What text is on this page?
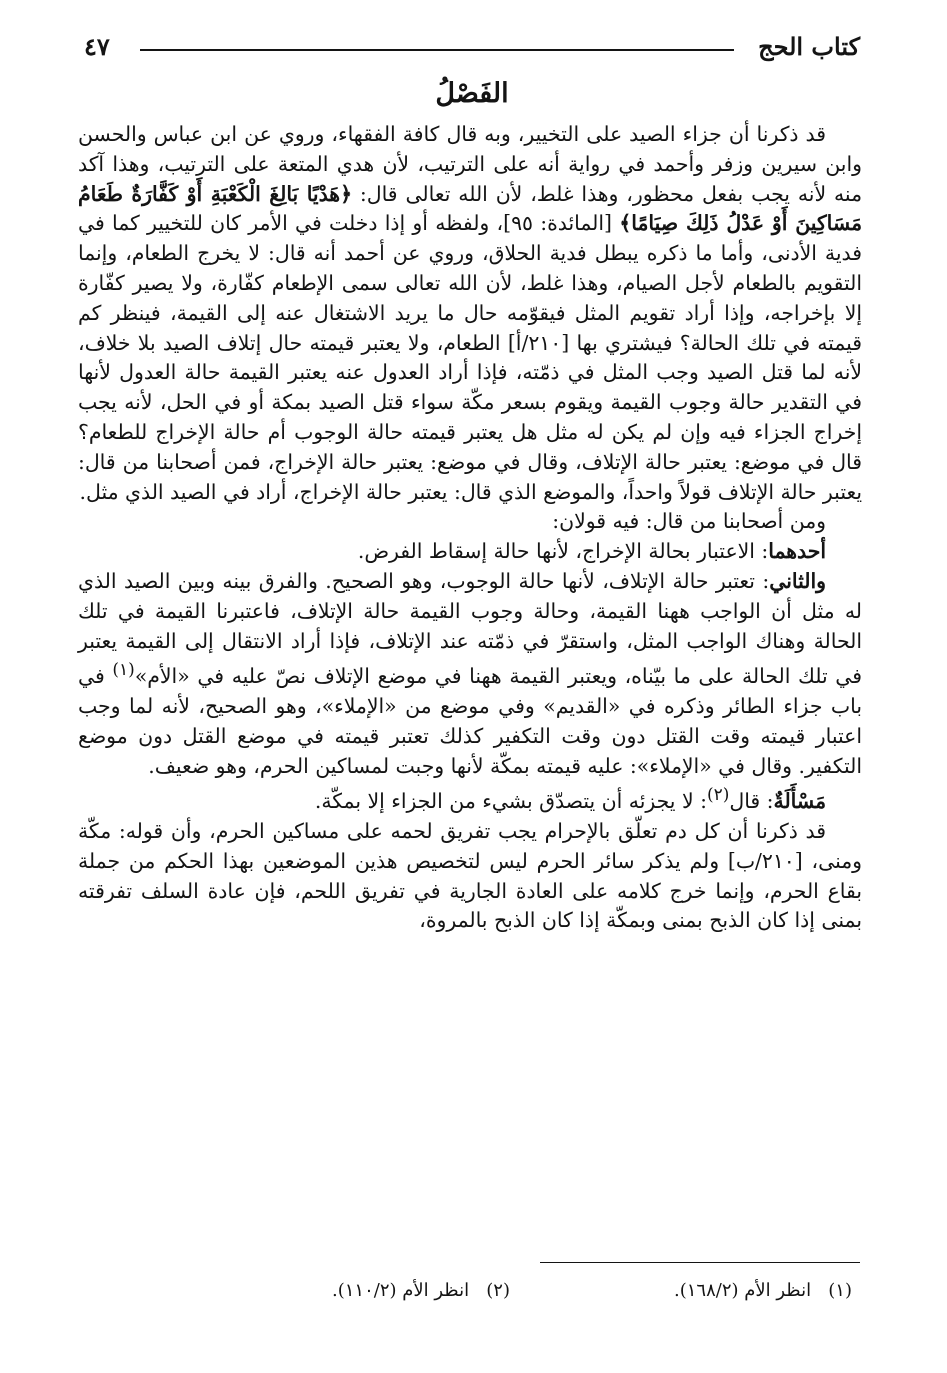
كتاب الحج
٤٧
الفَصْلُ

قد ذكرنا أن جزاء الصيد على التخيير، وبه قال كافة الفقهاء، وروي عن ابن عباس والحسن وابن سيرين وزفر وأحمد في رواية أنه على الترتيب، لأن هدي المتعة على الترتيب، وهذا آكد منه لأنه يجب بفعل محظور، وهذا غلط، لأن الله تعالى قال: ﴿هَدْيًا بَالِغَ الْكَعْبَةِ أَوْ كَفَّارَةٌ طَعَامُ مَسَاكِينَ أَوْ عَدْلُ ذَلِكَ صِيَامًا﴾ [المائدة: ٩٥]، ولفظه أو إذا دخلت في الأمر كان للتخيير كما في فدية الأدنى، وأما ما ذكره يبطل فدية الحلاق، وروي عن أحمد أنه قال: لا يخرج الطعام، وإنما التقويم بالطعام لأجل الصيام، وهذا غلط، لأن الله تعالى سمى الإطعام كفّارة، ولا يصير كفّارة إلا بإخراجه، وإذا أراد تقويم المثل فيقوّمه حال ما يريد الاشتغال عنه إلى القيمة، فينظر كم قيمته في تلك الحالة؟ فيشتري بها [٢١٠/أ] الطعام، ولا يعتبر قيمته حال إتلاف الصيد بلا خلاف، لأنه لما قتل الصيد وجب المثل في ذمّته، فإذا أراد العدول عنه يعتبر القيمة حالة العدول لأنها في التقدير حالة وجوب القيمة ويقوم بسعر مكّة سواء قتل الصيد بمكة أو في الحل، لأنه يجب إخراج الجزاء فيه وإن لم يكن له مثل هل يعتبر قيمته حالة الوجوب أم حالة الإخراج للطعام؟ قال في موضع: يعتبر حالة الإتلاف، وقال في موضع: يعتبر حالة الإخراج، فمن أصحابنا من قال: يعتبر حالة الإتلاف قولاً واحداً، والموضع الذي قال: يعتبر حالة الإخراج، أراد في الصيد الذي مثل.

ومن أصحابنا من قال: فيه قولان:

أحدهما: الاعتبار بحالة الإخراج، لأنها حالة إسقاط الفرض.

والثاني: تعتبر حالة الإتلاف، لأنها حالة الوجوب، وهو الصحيح. والفرق بينه وبين الصيد الذي له مثل أن الواجب ههنا القيمة، وحالة وجوب القيمة حالة الإتلاف، فاعتبرنا القيمة في تلك الحالة وهناك الواجب المثل، واستقرّ في ذمّته عند الإتلاف، فإذا أراد الانتقال إلى القيمة يعتبر في تلك الحالة على ما بيّناه، ويعتبر القيمة ههنا في موضع الإتلاف نصّ عليه في «الأم»$^{(١)}$ في باب جزاء الطائر وذكره في «القديم» وفي موضع من «الإملاء»، وهو الصحيح، لأنه لما وجب اعتبار قيمته وقت القتل دون وقت التكفير كذلك تعتبر قيمته في موضع القتل دون موضع التكفير. وقال في «الإملاء»: عليه قيمته بمكّة لأنها وجبت لمساكين الحرم، وهو ضعيف.

مَسْأَلَةٌ: قال$^{(٢)}$: لا يجزئه أن يتصدّق بشيء من الجزاء إلا بمكّة.

قد ذكرنا أن كل دم تعلّق بالإحرام يجب تفريق لحمه على مساكين الحرم، وأن قوله: مكّة ومنى، [٢١٠/ب] ولم يذكر سائر الحرم ليس لتخصيص هذين الموضعين بهذا الحكم من جملة بقاع الحرم، وإنما خرج كلامه على العادة الجارية في تفريق اللحم، فإن عادة السلف تفرقته بمنى إذا كان الذبح بمنى وبمكّة إذا كان الذبح بالمروة،

(١)   انظر الأم (١٦٨/٢).
(٢)   انظر الأم (١١٠/٢).
